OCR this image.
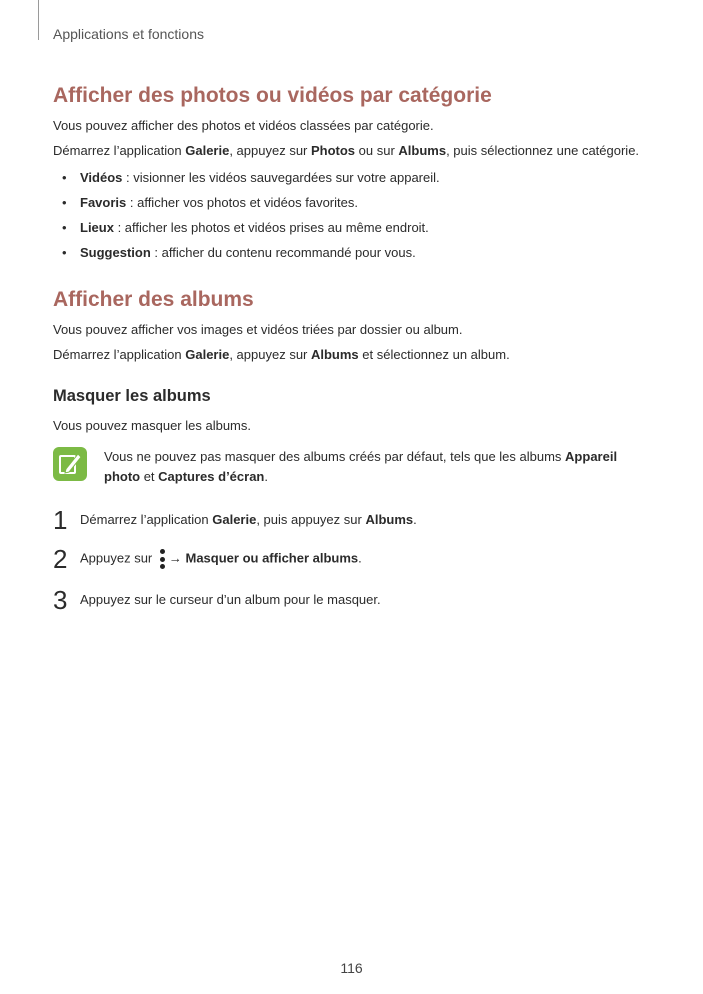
Applications et fonctions
Afficher des photos ou vidéos par catégorie
Vous pouvez afficher des photos et vidéos classées par catégorie.
Démarrez l’application Galerie, appuyez sur Photos ou sur Albums, puis sélectionnez une catégorie.
• Vidéos : visionner les vidéos sauvegardées sur votre appareil.
• Favoris : afficher vos photos et vidéos favorites.
• Lieux : afficher les photos et vidéos prises au même endroit.
• Suggestion : afficher du contenu recommandé pour vous.
Afficher des albums
Vous pouvez afficher vos images et vidéos triées par dossier ou album.
Démarrez l’application Galerie, appuyez sur Albums et sélectionnez un album.
Masquer les albums
Vous pouvez masquer les albums.
Vous ne pouvez pas masquer des albums créés par défaut, tels que les albums Appareil photo et Captures d’écran.
1 Démarrez l’application Galerie, puis appuyez sur Albums.
2 Appuyez sur
→ Masquer ou afficher albums.
3 Appuyez sur le curseur d’un album pour le masquer.
116
